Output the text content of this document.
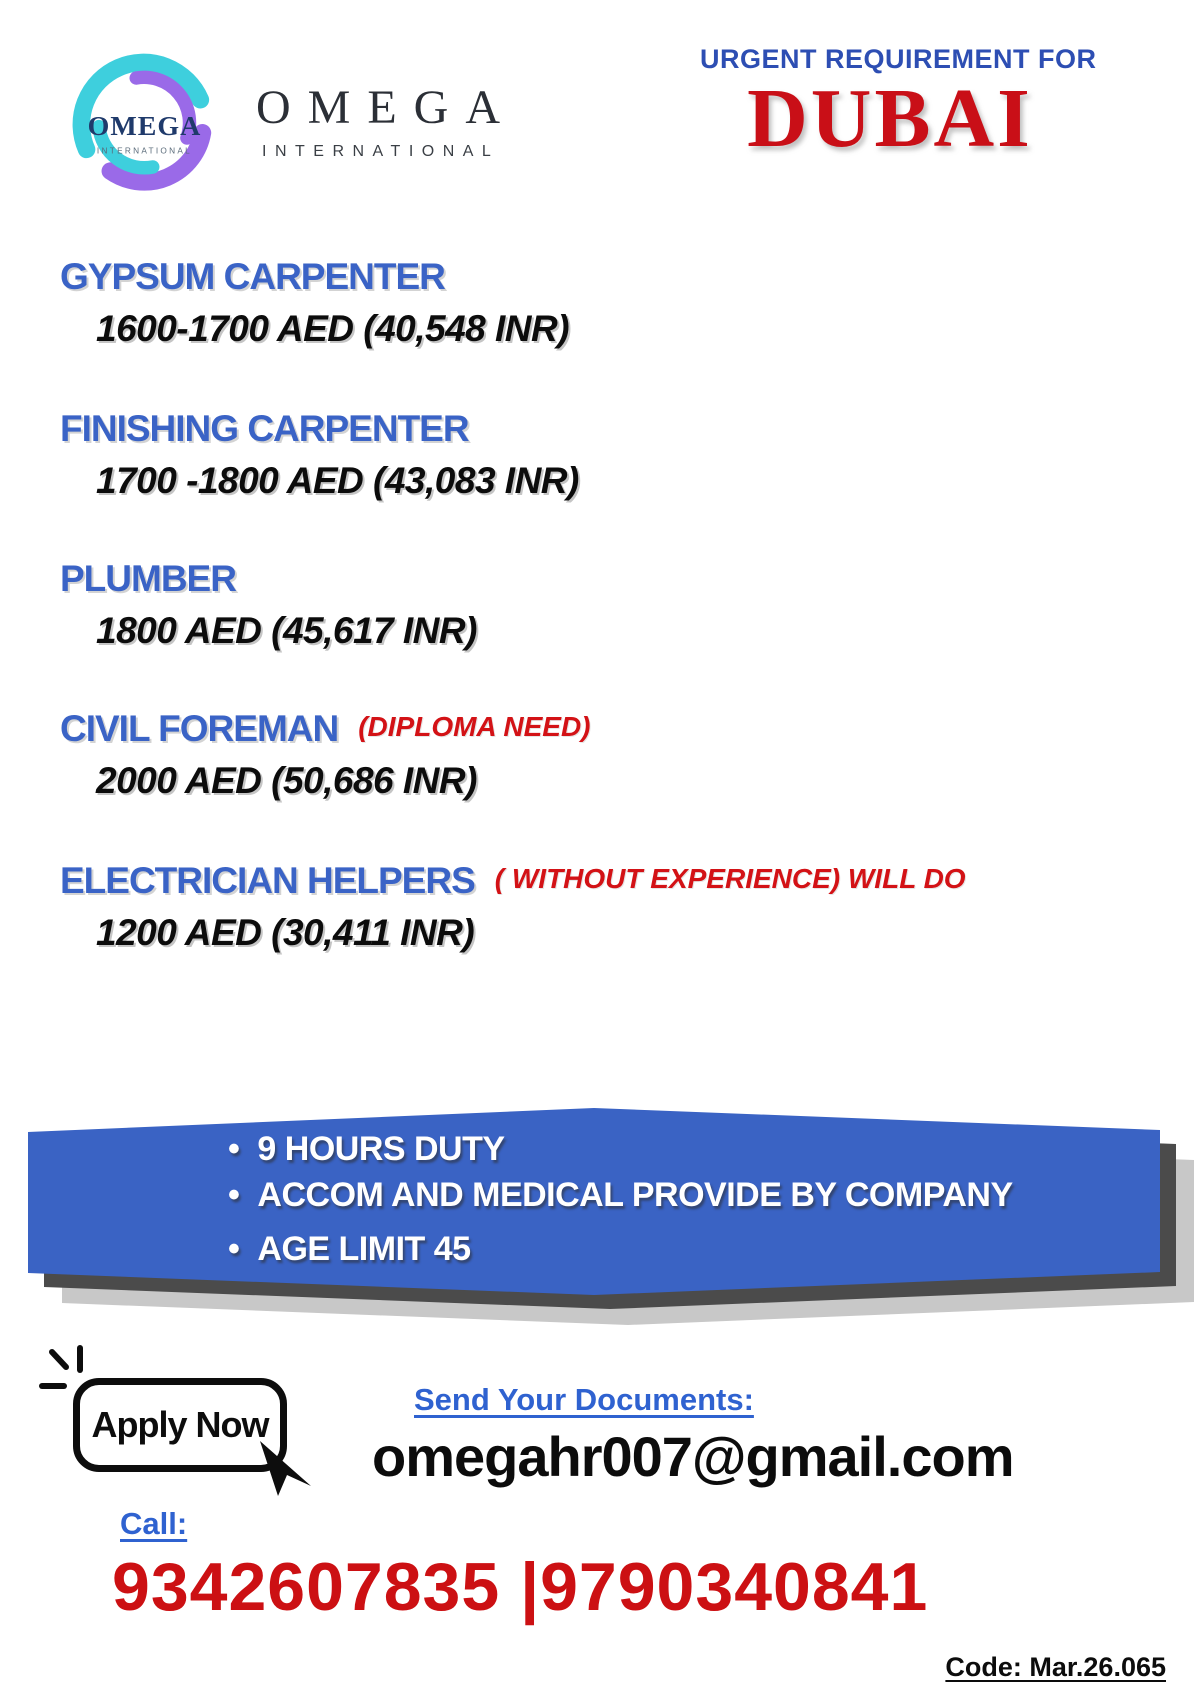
OMEGA
INTERNATIONAL
OMEGA
INTERNATIONAL
URGENT REQUIREMENT FOR
DUBAI
GYPSUM CARPENTER
1600-1700 AED (40,548 INR)
FINISHING CARPENTER
1700 -1800 AED (43,083 INR)
PLUMBER
1800 AED (45,617 INR)
CIVIL FOREMAN (DIPLOMA NEED)
2000 AED (50,686 INR)
ELECTRICIAN HELPERS ( WITHOUT EXPERIENCE) WILL DO
1200 AED (30,411 INR)
• 9 HOURS DUTY
• ACCOM AND MEDICAL PROVIDE BY COMPANY
• AGE LIMIT 45
Apply Now
Send Your Documents:
omegahr007@gmail.com
Call:
9342607835 |9790340841
Code: Mar.26.065
